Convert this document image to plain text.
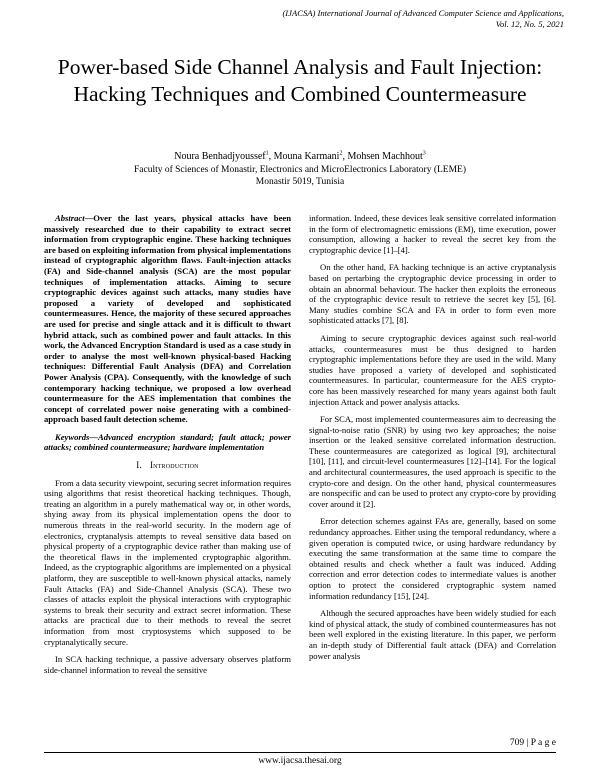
(IJACSA) International Journal of Advanced Computer Science and Applications,
Vol. 12, No. 5, 2021
Power-based Side Channel Analysis and Fault Injection: Hacking Techniques and Combined Countermeasure
Noura Benhadjyoussef$^1$, Mouna Karmani$^2$, Mohsen Machhout$^3$
Faculty of Sciences of Monastir, Electronics and MicroElectronics Laboratory (LEME)
Monastir 5019, Tunisia

Abstract—Over the last years, physical attacks have been massively researched due to their capability to extract secret information from cryptographic engine. These hacking techniques are based on exploiting information from physical implementations instead of cryptographic algorithm flaws. Fault-injection attacks (FA) and Side-channel analysis (SCA) are the most popular techniques of implementation attacks. Aiming to secure cryptographic devices against such attacks, many studies have proposed a variety of developed and sophisticated countermeasures. Hence, the majority of these secured approaches are used for precise and single attack and it is difficult to thwart hybrid attack, such as combined power and fault attacks. In this work, the Advanced Encryption Standard is used as a case study in order to analyse the most well-known physical-based Hacking techniques: Differential Fault Analysis (DFA) and Correlation Power Analysis (CPA). Consequently, with the knowledge of such contemporary hacking technique, we proposed a low overhead countermeasure for the AES implementation that combines the concept of correlated power noise generating with a combined-approach based fault detection scheme.

Keywords—Advanced encryption standard; fault attack; power attacks; combined countermeasure; hardware implementation

I. Introduction

From a data security viewpoint, securing secret information requires using algorithms that resist theoretical hacking techniques. Though, treating an algorithm in a purely mathematical way or, in other words, shying away from its physical implementation opens the door to numerous threats in the real-world security. In the modern age of electronics, cryptanalysis attempts to reveal sensitive data based on physical property of a cryptographic device rather than making use of the theoretical flaws in the implemented cryptographic algorithm. Indeed, as the cryptographic algorithms are implemented on a physical platform, they are susceptible to well-known physical attacks, namely Fault Attacks (FA) and Side-Channel Analysis (SCA). These two classes of attacks exploit the physical interactions with cryptographic systems to break their security and extract secret information. These attacks are practical due to their methods to reveal the secret information from most cryptosystems which supposed to be cryptanalytically secure.

In SCA hacking technique, a passive adversary observes platform side-channel information to reveal the sensitive

information. Indeed, these devices leak sensitive correlated information in the form of electromagnetic emissions (EM), time execution, power consumption, allowing a hacker to reveal the secret key from the cryptographic device [1]–[4].

On the other hand, FA hacking technique is an active cryptanalysis based on pertarbing the cryptographic device processing in order to obtain an abnormal behaviour. The hacker then exploits the erroneous of the cryptographic device result to retrieve the secret key [5], [6]. Many studies combine SCA and FA in order to form even more sophisticated attacks [7], [8].

Aiming to secure cryptographic devices against such real-world attacks, countermeasures must be thus designed to harden cryptographic implementations before they are used in the wild. Many studies have proposed a variety of developed and sophisticated countermeasures. In particular, countermeasure for the AES crypto-core has been massively researched for many years against both fault injection Attack and power analysis attacks.

For SCA, most implemented countermeasures aim to decreasing the signal-to-noise ratio (SNR) by using two key approaches; the noise insertion or the leaked sensitive correlated information destruction. These countermeasures are categorized as logical [9], architectural [10], [11], and circuit-level countermeasures [12]–[14]. For the logical and architectural countermeasures, the used approach is specific to the crypto-core and design. On the other hand, physical countermeasures are nonspecific and can be used to protect any crypto-core by providing cover around it [2].

Error detection schemes against FAs are, generally, based on some redundancy approaches. Either using the temporal redundancy, where a given operation is computed twice, or using hardware redundancy by executing the same transformation at the same time to compare the obtained results and check whether a fault was induced. Adding correction and error detection codes to intermediate values is another option to protect the considered cryptographic system named information redundancy [15], [24].

Although the secured approaches have been widely studied for each kind of physical attack, the study of combined countermeasures has not been well explored in the existing literature. In this paper, we perform an in-depth study of Differential fault attack (DFA) and Correlation power analysis

709 | P a g e
www.ijacsa.thesai.org
